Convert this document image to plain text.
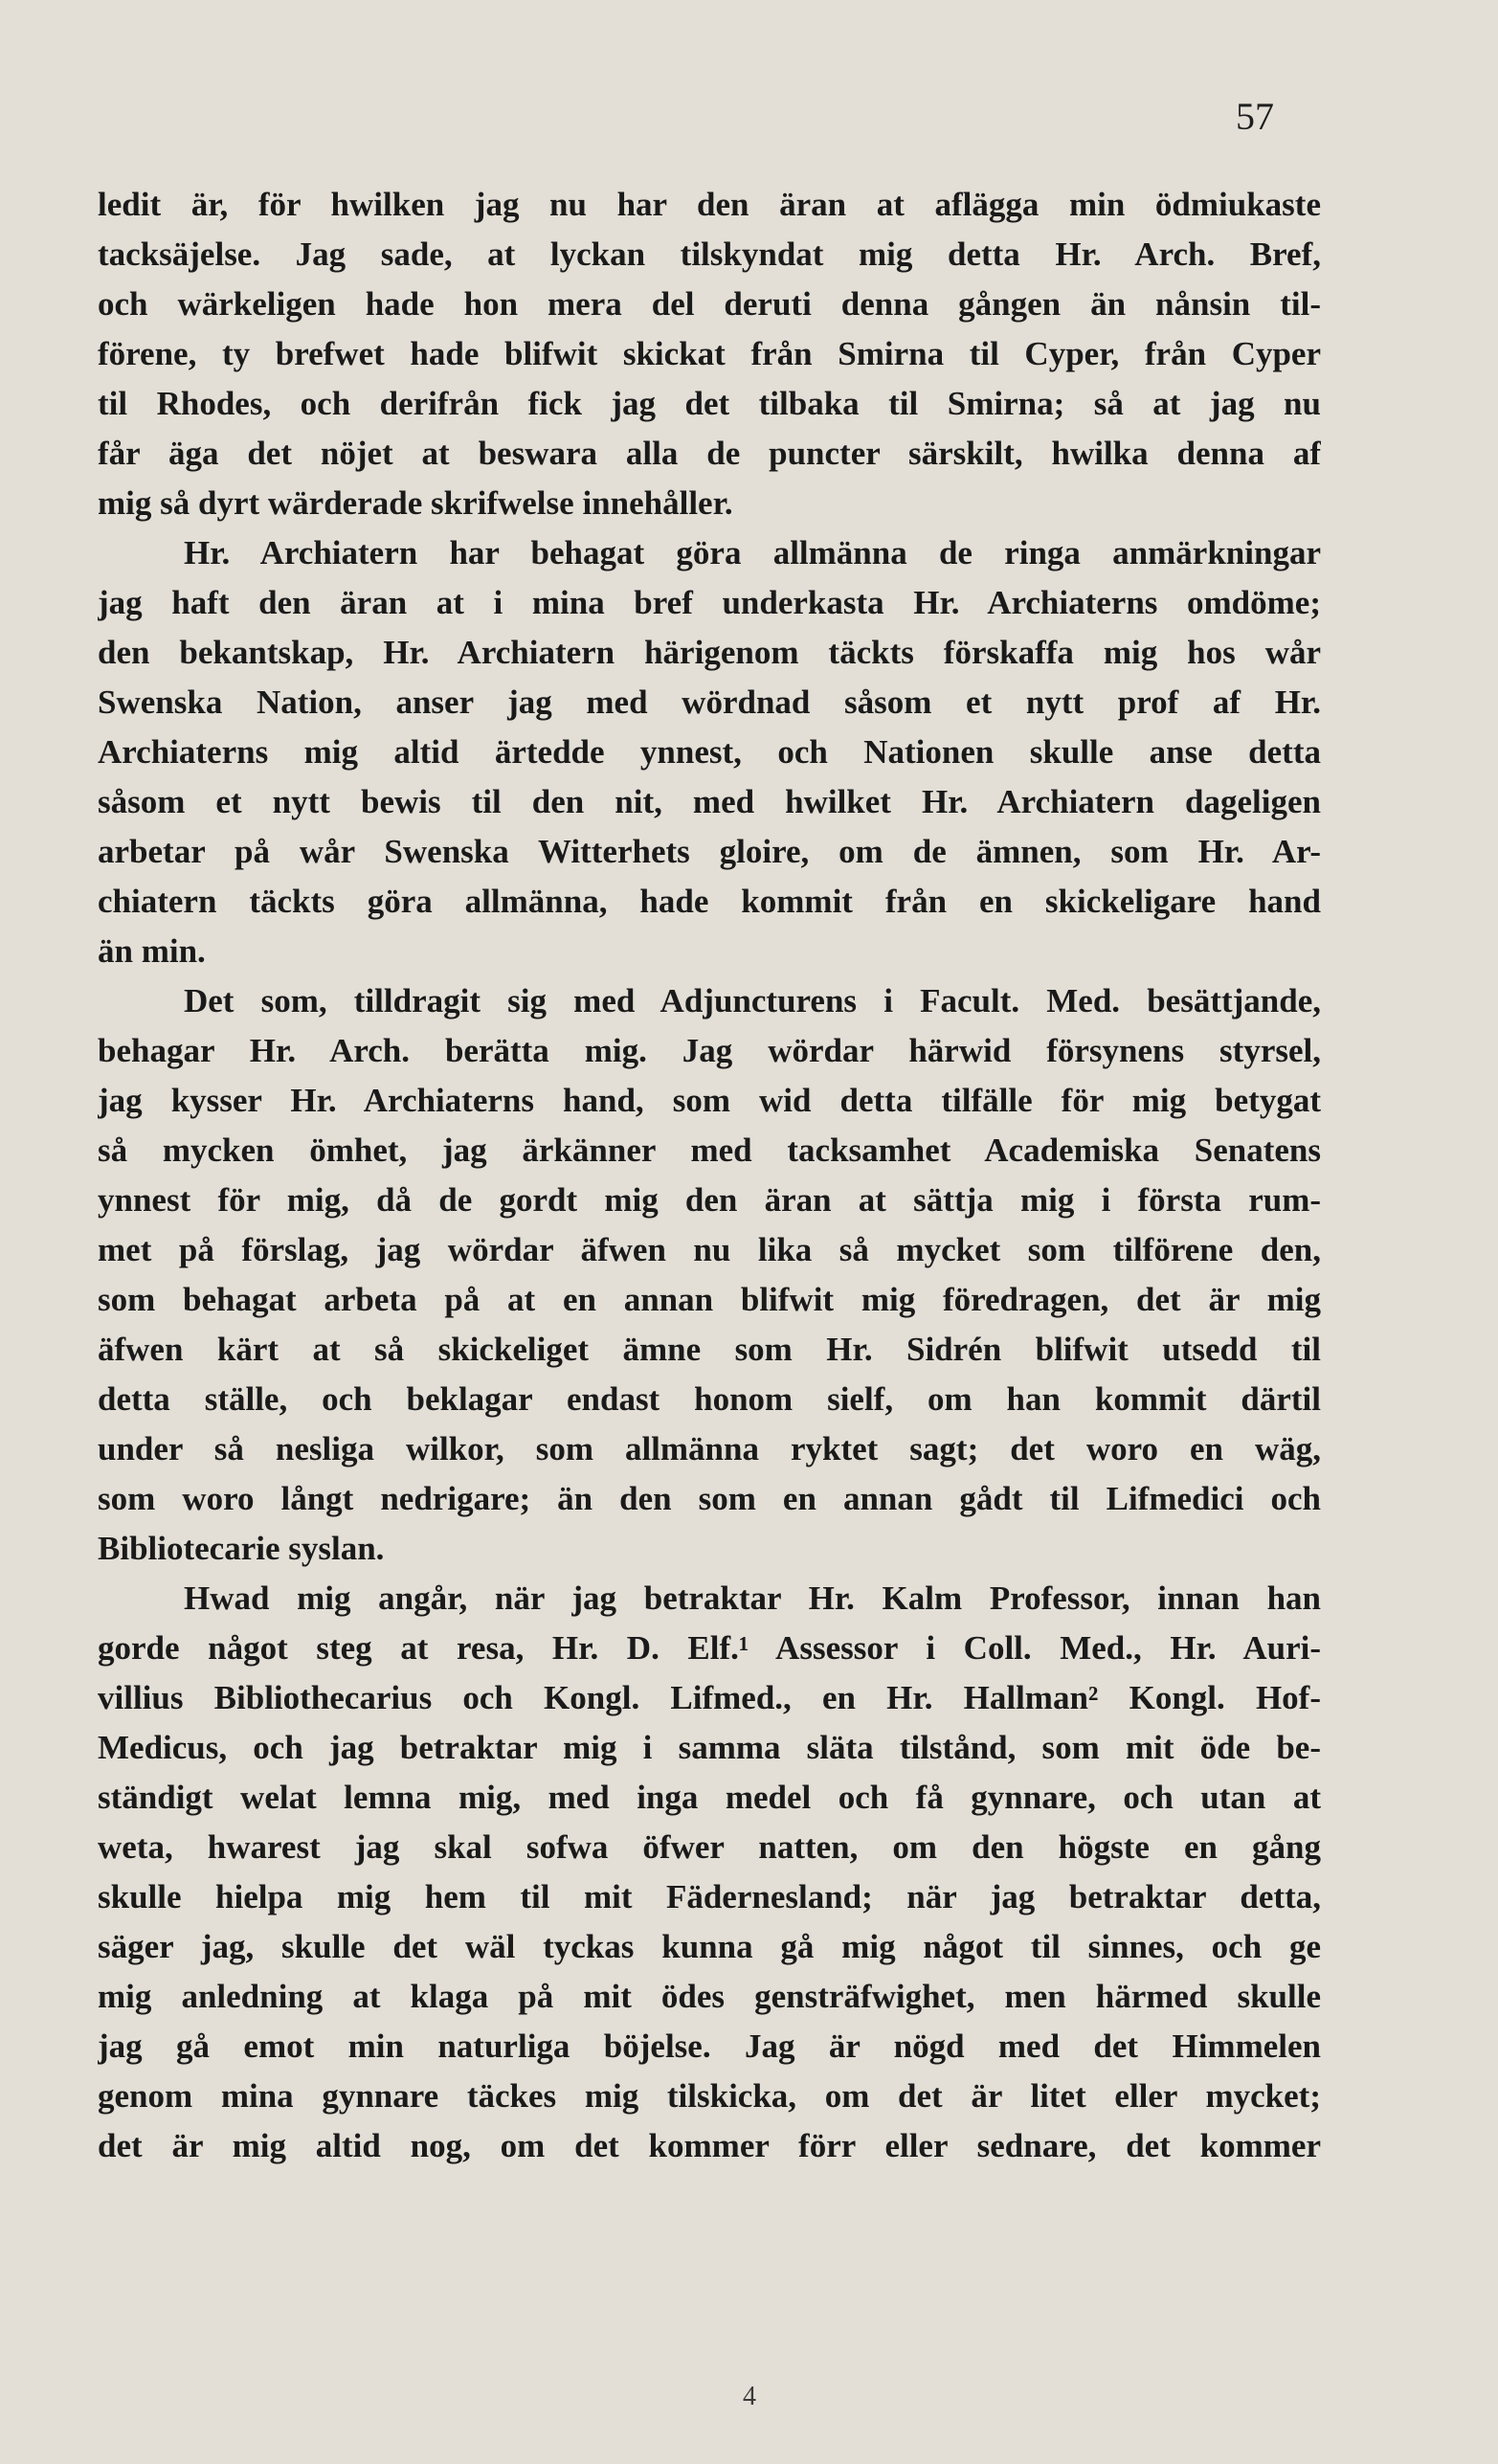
57
ledit är, för hwilken jag nu har den äran at aflägga min ödmiukaste
tacksäjelse. Jag sade, at lyckan tilskyndat mig detta Hr. Arch. Bref,
och wärkeligen hade hon mera del deruti denna gången än nånsin til-
förene, ty brefwet hade blifwit skickat från Smirna til Cyper, från Cyper
til Rhodes, och derifrån fick jag det tilbaka til Smirna; så at jag nu
får äga det nöjet at beswara alla de puncter särskilt, hwilka denna af
mig så dyrt wärderade skrifwelse innehåller.
Hr. Archiatern har behagat göra allmänna de ringa anmärkningar
jag haft den äran at i mina bref underkasta Hr. Archiaterns omdöme;
den bekantskap, Hr. Archiatern härigenom täckts förskaffa mig hos wår
Swenska Nation, anser jag med wördnad såsom et nytt prof af Hr.
Archiaterns mig altid ärtedde ynnest, och Nationen skulle anse detta
såsom et nytt bewis til den nit, med hwilket Hr. Archiatern dageligen
arbetar på wår Swenska Witterhets gloire, om de ämnen, som Hr. Ar-
chiatern täckts göra allmänna, hade kommit från en skickeligare hand
än min.
Det som, tilldragit sig med Adjuncturens i Facult. Med. besättjande,
behagar Hr. Arch. berätta mig. Jag wördar härwid försynens styrsel,
jag kysser Hr. Archiaterns hand, som wid detta tilfälle för mig betygat
så mycken ömhet, jag ärkänner med tacksamhet Academiska Senatens
ynnest för mig, då de gordt mig den äran at sättja mig i första rum-
met på förslag, jag wördar äfwen nu lika så mycket som tilförene den,
som behagat arbeta på at en annan blifwit mig föredragen, det är mig
äfwen kärt at så skickeliget ämne som Hr. Sidrén blifwit utsedd til
detta ställe, och beklagar endast honom sielf, om han kommit därtil
under så nesliga wilkor, som allmänna ryktet sagt; det woro en wäg,
som woro långt nedrigare; än den som en annan gådt til Lifmedici och
Bibliotecarie syslan.
Hwad mig angår, när jag betraktar Hr. Kalm Professor, innan han
gorde något steg at resa, Hr. D. Elf.¹ Assessor i Coll. Med., Hr. Auri-
villius Bibliothecarius och Kongl. Lifmed., en Hr. Hallman² Kongl. Hof-
Medicus, och jag betraktar mig i samma släta tilstånd, som mit öde be-
ständigt welat lemna mig, med inga medel och få gynnare, och utan at
weta, hwarest jag skal sofwa öfwer natten, om den högste en gång
skulle hielpa mig hem til mit Fädernesland; när jag betraktar detta,
säger jag, skulle det wäl tyckas kunna gå mig något til sinnes, och ge
mig anledning at klaga på mit ödes gensträfwighet, men härmed skulle
jag gå emot min naturliga böjelse. Jag är nögd med det Himmelen
genom mina gynnare täckes mig tilskicka, om det är litet eller mycket;
det är mig altid nog, om det kommer förr eller sednare, det kommer
4
